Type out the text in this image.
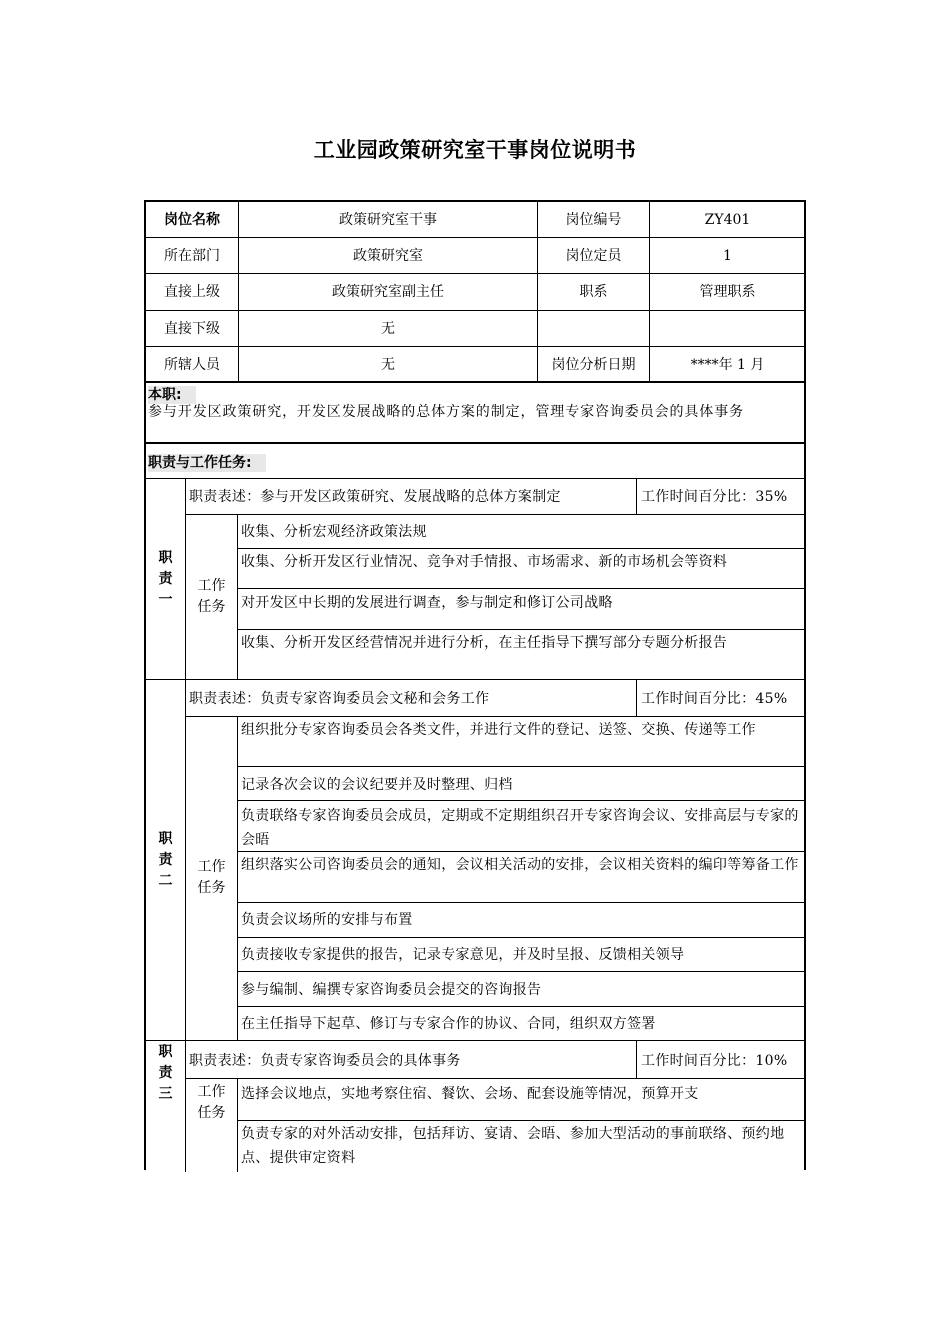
工业园政策研究室干事岗位说明书
岗位名称	政策研究室干事	岗位编号	ZY401
所在部门	政策研究室	岗位定员	1
直接上级	政策研究室副主任	职系	管理职系
直接下级	无
所辖人员	无	岗位分析日期	****年 1 月
本职:
参与开发区政策研究，开发区发展战略的总体方案的制定，管理专家咨询委员会的具体事务
职责与工作任务:
职责一
职责表述：参与开发区政策研究、发展战略的总体方案制定	工作时间百分比：35%
工作任务
收集、分析宏观经济政策法规
收集、分析开发区行业情况、竞争对手情报、市场需求、新的市场机会等资料
对开发区中长期的发展进行调查，参与制定和修订公司战略
收集、分析开发区经营情况并进行分析，在主任指导下撰写部分专题分析报告
职责二
职责表述：负责专家咨询委员会文秘和会务工作	工作时间百分比：45%
工作任务
组织批分专家咨询委员会各类文件，并进行文件的登记、送签、交换、传递等工作
记录各次会议的会议纪要并及时整理、归档
负责联络专家咨询委员会成员，定期或不定期组织召开专家咨询会议、安排高层与专家的会晤
组织落实公司咨询委员会的通知，会议相关活动的安排，会议相关资料的编印等筹备工作
负责会议场所的安排与布置
负责接收专家提供的报告，记录专家意见，并及时呈报、反馈相关领导
参与编制、编撰专家咨询委员会提交的咨询报告
在主任指导下起草、修订与专家合作的协议、合同，组织双方签署
职责三
职责表述：负责专家咨询委员会的具体事务	工作时间百分比：10%
工作任务
选择会议地点，实地考察住宿、餐饮、会场、配套设施等情况，预算开支
负责专家的对外活动安排，包括拜访、宴请、会晤、参加大型活动的事前联络、预约地点、提供审定资料
